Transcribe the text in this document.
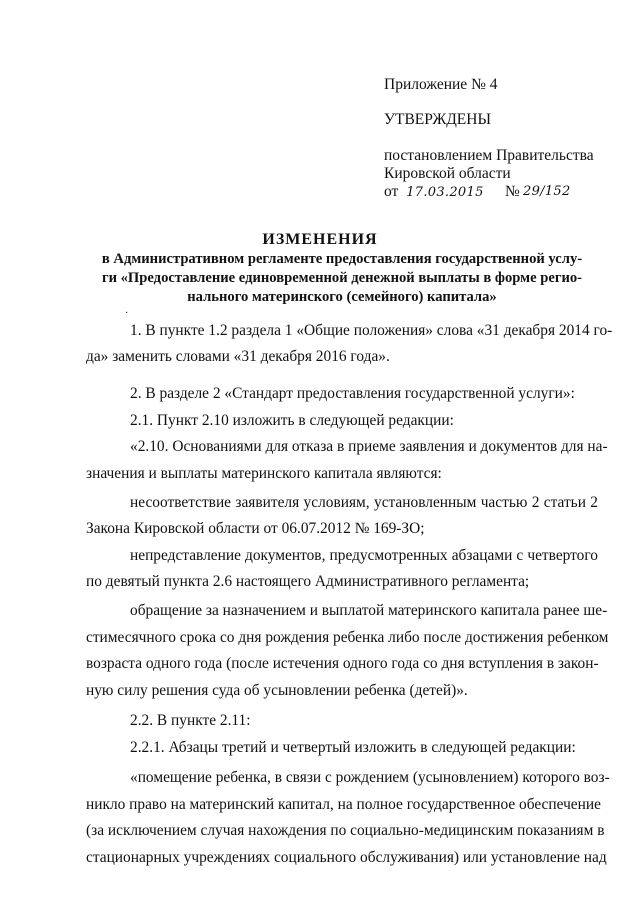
Приложение № 4
УТВЕРЖДЕНЫ
постановлением Правительства
Кировской области
от 17.03.2015 № 29/152
ИЗМЕНЕНИЯ
в Административном регламенте предоставления государственной услу-
ги «Предоставление единовременной денежной выплаты в форме регио-
нального материнского (семейного) капитала»
·
1. В пункте 1.2 раздела 1 «Общие положения» слова «31 декабря 2014 го-
да» заменить словами «31 декабря 2016 года».
2. В разделе 2 «Стандарт предоставления государственной услуги»:
2.1. Пункт 2.10 изложить в следующей редакции:
«2.10. Основаниями для отказа в приеме заявления и документов для на-
значения и выплаты материнского капитала являются:
несоответствие заявителя условиям, установленным частью 2 статьи 2
Закона Кировской области от 06.07.2012 № 169-ЗО;
непредставление документов, предусмотренных абзацами с четвертого
по девятый пункта 2.6 настоящего Административного регламента;
обращение за назначением и выплатой материнского капитала ранее ше-
стимесячного срока со дня рождения ребенка либо после достижения ребенком
возраста одного года (после истечения одного года со дня вступления в закон-
ную силу решения суда об усыновлении ребенка (детей)».
2.2. В пункте 2.11:
2.2.1. Абзацы третий и четвертый изложить в следующей редакции:
«помещение ребенка, в связи с рождением (усыновлением) которого воз-
никло право на материнский капитал, на полное государственное обеспечение
(за исключением случая нахождения по социально-медицинским показаниям в
стационарных учреждениях социального обслуживания) или установление над
